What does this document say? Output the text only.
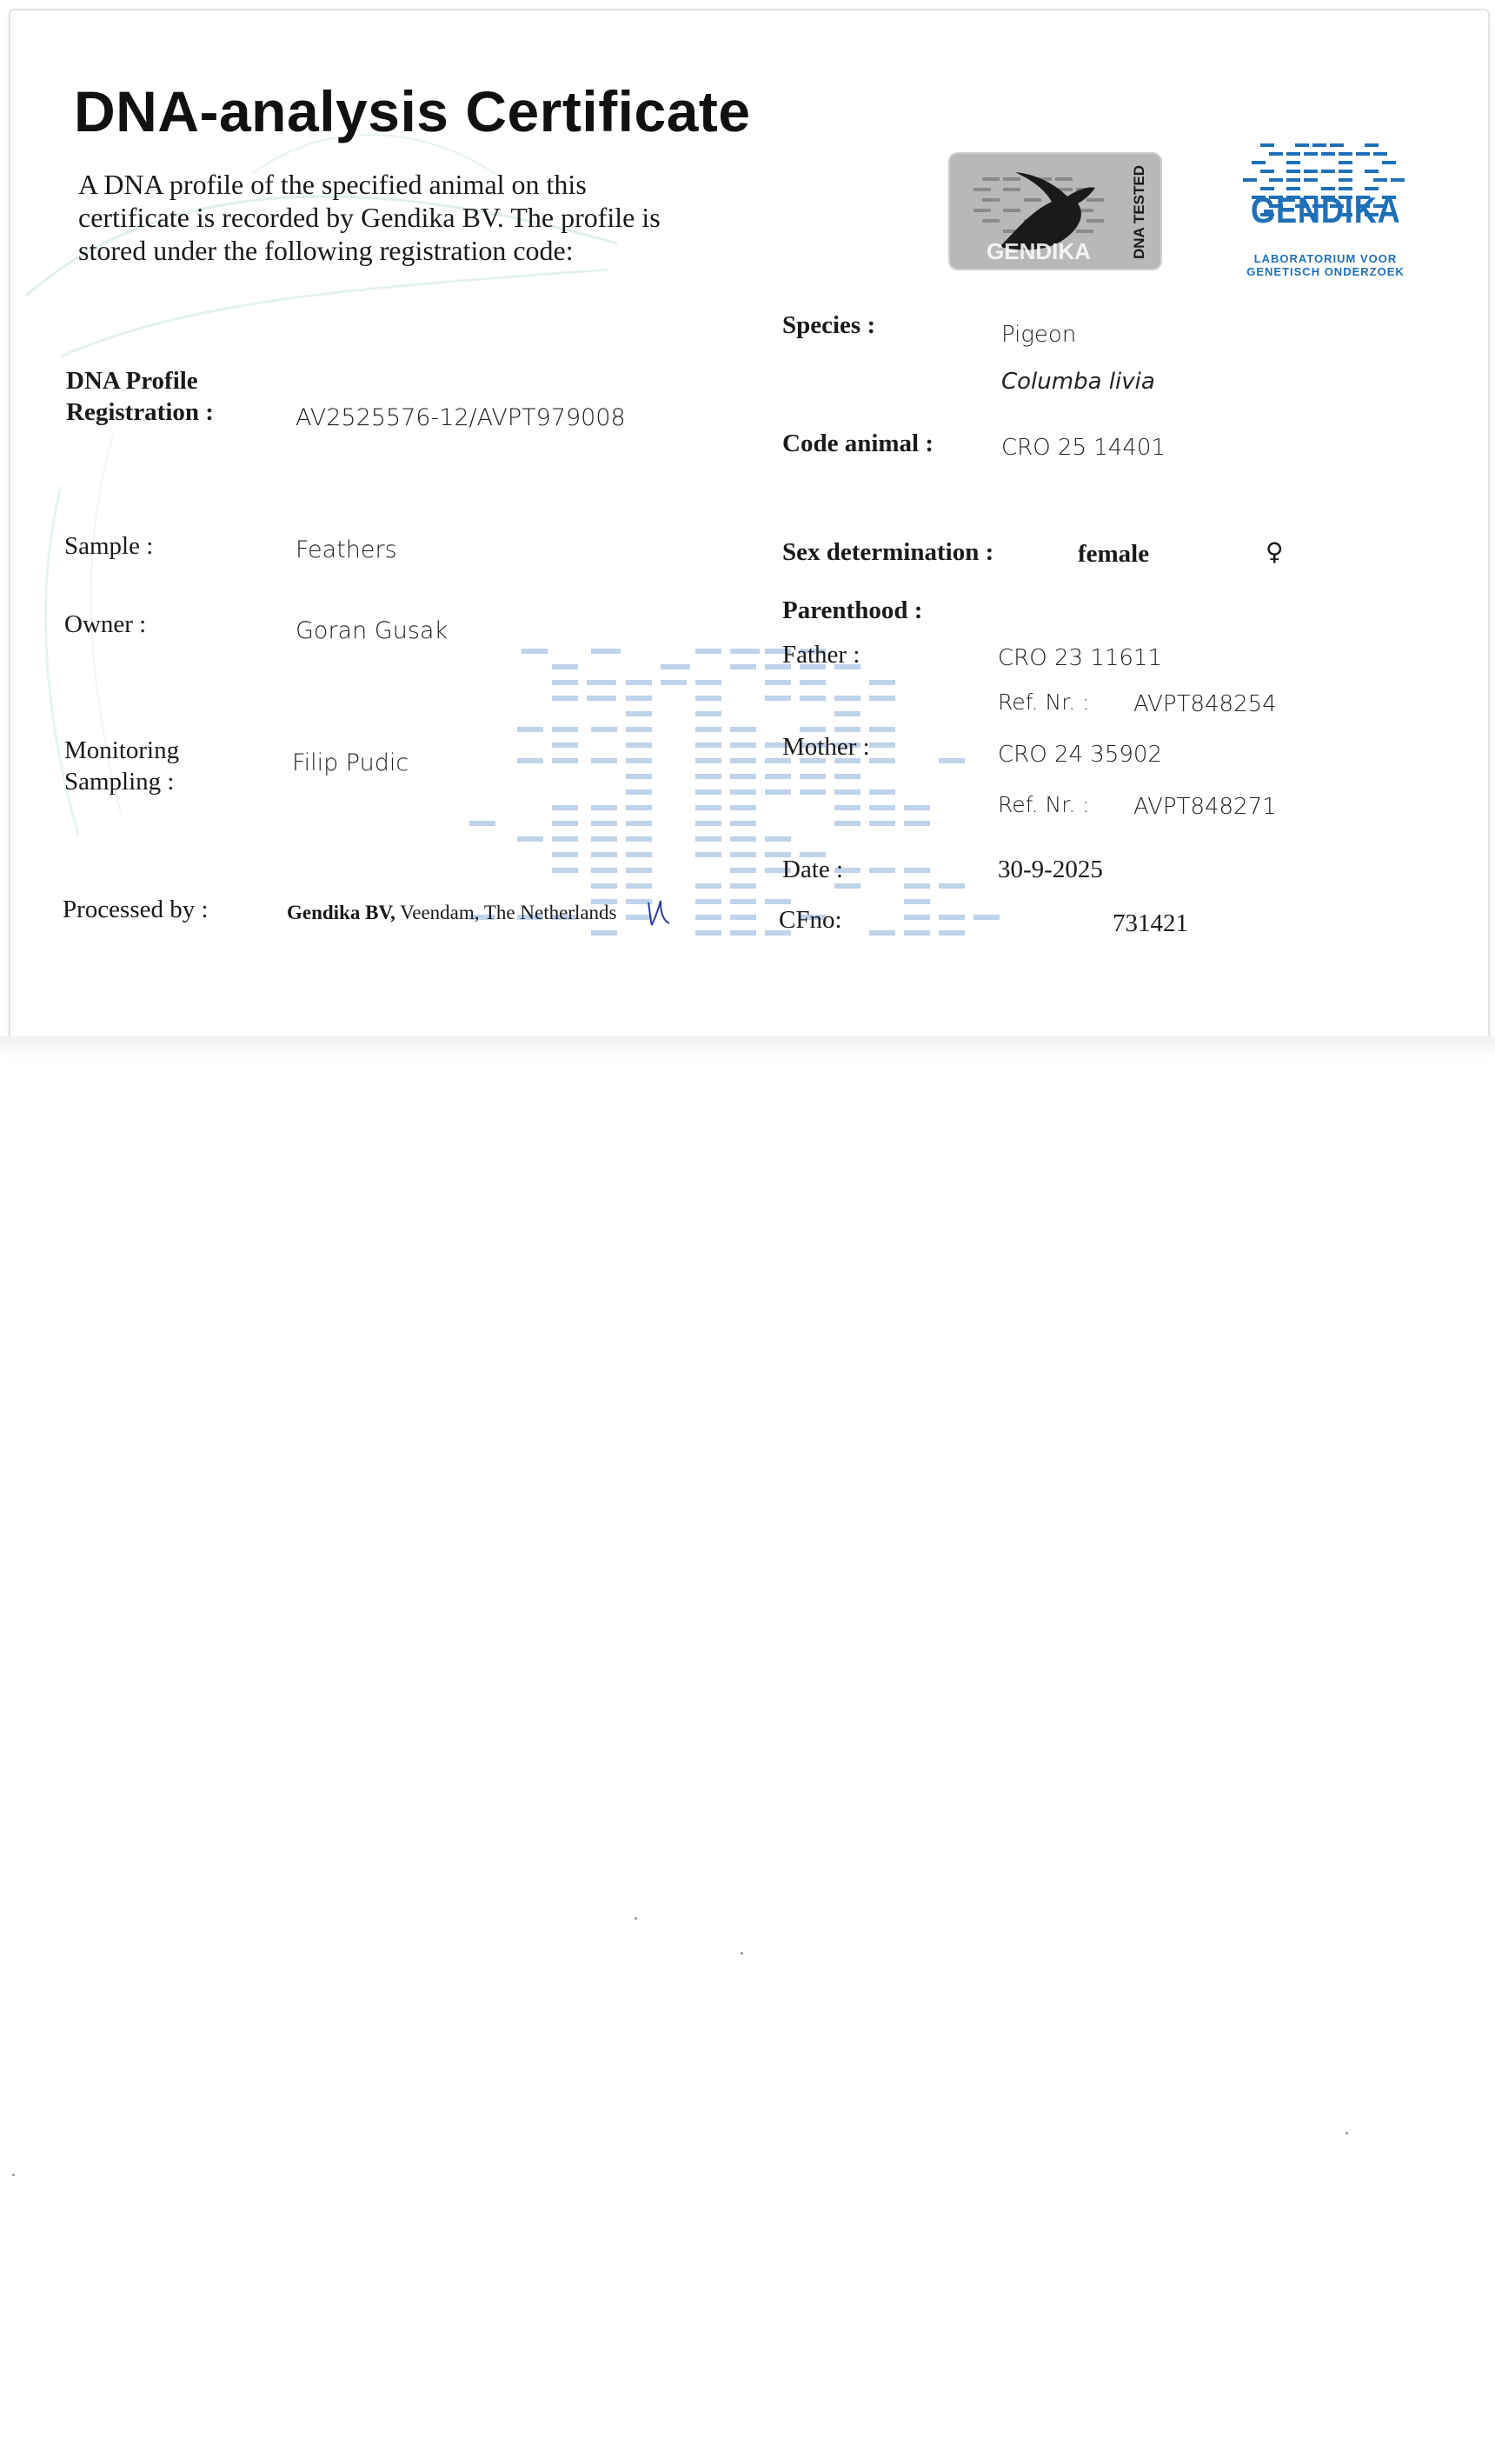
DNA-analysis Certificate
A DNA profile of the specified animal on this certificate is recorded by Gendika BV. The profile is stored under the following registration code:	GENDIKA	DNA TESTED	GENDIKA
LABORATORIUM VOOR
GENETISCH ONDERZOEK
DNA Profile
Registration :	AV2525576-12/AVPT979008
Sample :	Feathers
Owner :	Goran Gusak
Monitoring
Sampling :
Filip Pudic
Processed by :	Gendika BV, Veendam, The Netherlands
Species :	Pigeon
Columba livia
Code animal :	CRO 25 14401
Sex determination :	female	♀
Parenthood :
Father :	CRO 23 11611
Ref. Nr. : AVPT848254
Mother :	CRO 24 35902
Ref. Nr. : AVPT848271
Date :	30-9-2025
CFno:	731421
